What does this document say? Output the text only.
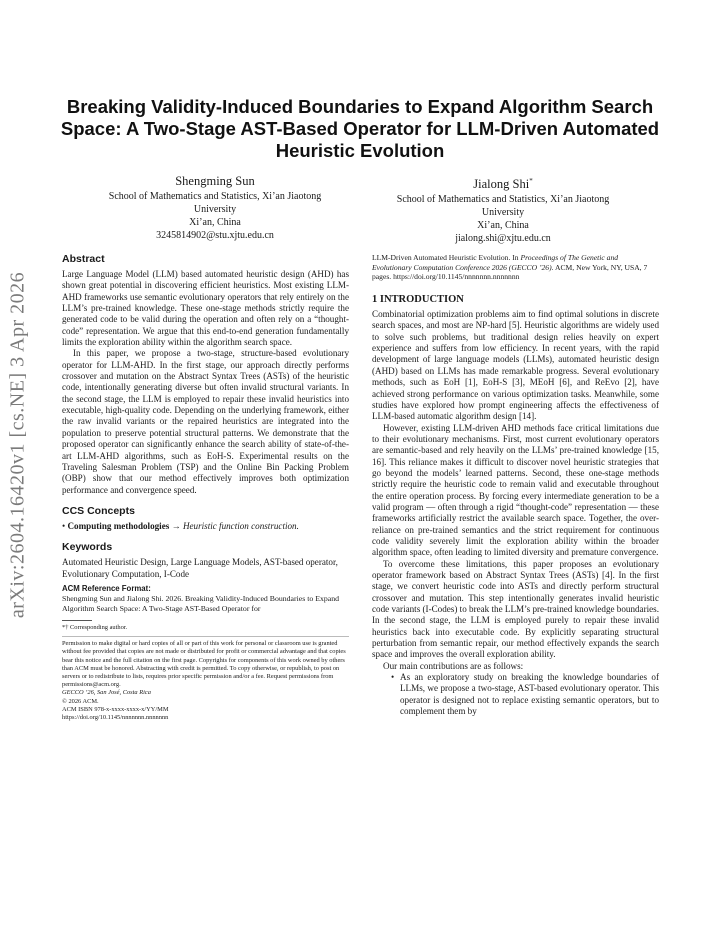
arXiv:2604.16420v1 [cs.NE] 3 Apr 2026
Breaking Validity-Induced Boundaries to Expand Algorithm Search Space: A Two-Stage AST-Based Operator for LLM-Driven Automated Heuristic Evolution
Shengming Sun
School of Mathematics and Statistics, Xi’an Jiaotong
University
Xi’an, China
3245814902@stu.xjtu.edu.cn
Jialong Shi*
School of Mathematics and Statistics, Xi’an Jiaotong
University
Xi’an, China
jialong.shi@xjtu.edu.cn
Abstract

Large Language Model (LLM) based automated heuristic design (AHD) has shown great potential in discovering efficient heuristics. Most existing LLM-AHD frameworks use semantic evolutionary operators that rely entirely on the LLM’s pre-trained knowledge. These one-stage methods strictly require the generated code to be valid during the operation and often rely on a “thought-code” representation. We argue that this end-to-end generation fundamentally limits the exploration ability within the algorithm search space.

In this paper, we propose a two-stage, structure-based evolutionary operator for LLM-AHD. In the first stage, our approach directly performs crossover and mutation on the Abstract Syntax Trees (ASTs) of the heuristic code, intentionally generating diverse but often invalid structural variants. In the second stage, the LLM is employed to repair these invalid heuristics into executable, high-quality code. Depending on the underlying framework, either the raw invalid variants or the repaired heuristics are integrated into the population to preserve potential structural patterns. We demonstrate that the proposed operator can significantly enhance the search ability of state-of-the-art LLM-AHD algorithms, such as EoH-S. Experimental results on the Traveling Salesman Problem (TSP) and the Online Bin Packing Problem (OBP) show that our method effectively improves both optimization performance and convergence speed.

CCS Concepts

• Computing methodologies → Heuristic function construction.

Keywords

Automated Heuristic Design, Large Language Models, AST-based operator, Evolutionary Computation, I-Code

ACM Reference Format:
Shengming Sun and Jialong Shi. 2026. Breaking Validity-Induced Boundaries to Expand Algorithm Search Space: A Two-Stage AST-Based Operator for
*† Corresponding author.
Permission to make digital or hard copies of all or part of this work for personal or classroom use is granted without fee provided that copies are not made or distributed for profit or commercial advantage and that copies bear this notice and the full citation on the first page. Copyrights for components of this work owned by others than ACM must be honored. Abstracting with credit is permitted. To copy otherwise, or republish, to post on servers or to redistribute to lists, requires prior specific permission and/or a fee. Request permissions from permissions@acm.org.
GECCO ’26, San José, Costa Rica
© 2026 ACM.
ACM ISBN 978-x-xxxx-xxxx-x/YY/MM
https://doi.org/10.1145/nnnnnnn.nnnnnnn

LLM-Driven Automated Heuristic Evolution. In Proceedings of The Genetic and Evolutionary Computation Conference 2026 (GECCO ’26). ACM, New York, NY, USA, 7 pages. https://doi.org/10.1145/nnnnnnn.nnnnnnn

1 INTRODUCTION

Combinatorial optimization problems aim to find optimal solutions in discrete search spaces, and most are NP-hard [5]. Heuristic algorithms are widely used to solve such problems, but traditional design relies heavily on expert experience and suffers from low efficiency. In recent years, with the rapid development of large language models (LLMs), automated heuristic design (AHD) based on LLMs has made remarkable progress. Several evolutionary methods, such as EoH [1], EoH-S [3], MEoH [6], and ReEvo [2], have achieved strong performance on various optimization tasks. Meanwhile, some studies have explored how prompt engineering affects the effectiveness of LLM-based automatic algorithm design [14].

However, existing LLM-driven AHD methods face critical limitations due to their evolutionary mechanisms. First, most current evolutionary operators are semantic-based and rely heavily on the LLMs’ pre-trained knowledge [15, 16]. This reliance makes it difficult to discover novel heuristic strategies that go beyond the models’ learned patterns. Second, these one-stage methods strictly require the heuristic code to remain valid and executable throughout the entire operation process. By forcing every intermediate generation to be a valid program — often through a rigid “thought-code” representation — these frameworks artificially restrict the available search space. Together, the over-reliance on pre-trained semantics and the strict requirement for continuous code validity severely limit the exploration ability within the broader algorithm space, often leading to limited diversity and premature convergence.

To overcome these limitations, this paper proposes an evolutionary operator framework based on Abstract Syntax Trees (ASTs) [4]. In the first stage, we convert heuristic code into ASTs and directly perform structural crossover and mutation. This step intentionally generates invalid heuristic code variants (I-Codes) to break the LLM’s pre-trained knowledge boundaries. In the second stage, the LLM is employed purely to repair these invalid heuristics back into executable code. By explicitly separating structural perturbation from semantic repair, our method effectively expands the search space and improves the overall exploration ability.

Our main contributions are as follows:

• As an exploratory study on breaking the knowledge boundaries of LLMs, we propose a two-stage, AST-based evolutionary operator. This operator is designed not to replace existing semantic operators, but to complement them by
